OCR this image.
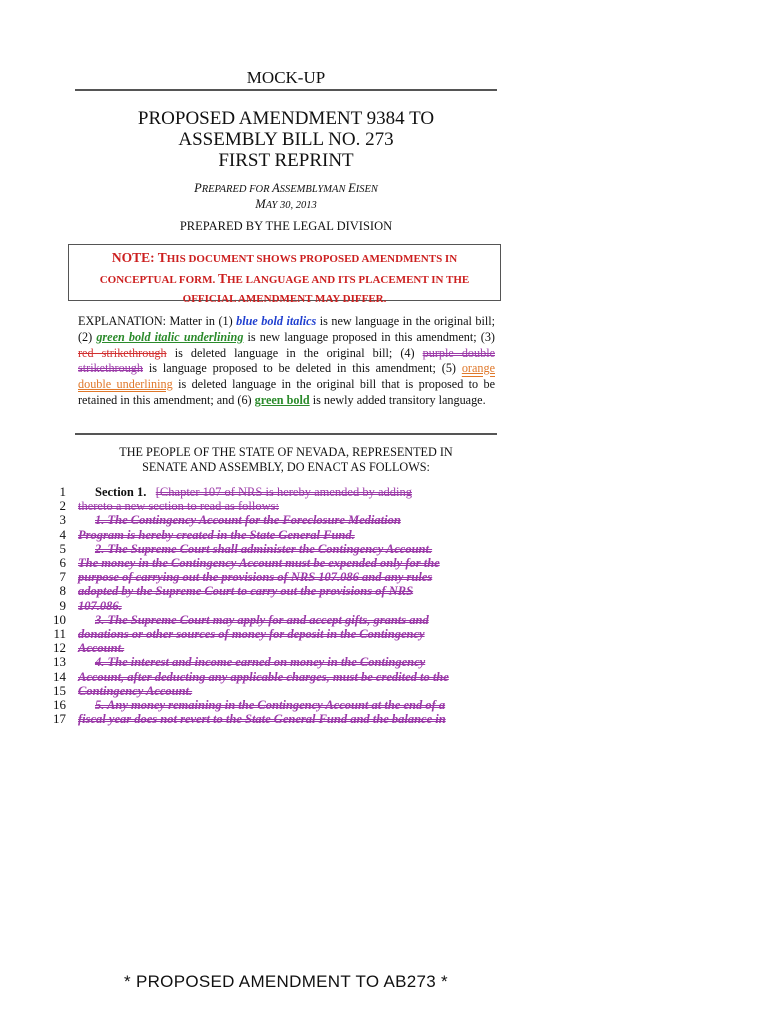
MOCK-UP
PROPOSED AMENDMENT 9384 TO
ASSEMBLY BILL NO. 273
FIRST REPRINT
PREPARED FOR ASSEMBLYMAN EISEN
MAY 30, 2013
PREPARED BY THE LEGAL DIVISION
NOTE: THIS DOCUMENT SHOWS PROPOSED AMENDMENTS IN
CONCEPTUAL FORM. THE LANGUAGE AND ITS PLACEMENT IN THE
OFFICIAL AMENDMENT MAY DIFFER.
EXPLANATION: Matter in (1) blue bold italics is new language in the original bill; (2) green bold italic underlining is new language proposed in this amendment; (3) red strikethrough is deleted language in the original bill; (4) purple double strikethrough is language proposed to be deleted in this amendment; (5) orange double underlining is deleted language in the original bill that is proposed to be retained in this amendment; and (6) green bold is newly added transitory language.
THE PEOPLE OF THE STATE OF NEVADA, REPRESENTED IN
SENATE AND ASSEMBLY, DO ENACT AS FOLLOWS:
1
2
3
4
5
6
7
8
9
10
11
12
13
14
15
16
17
Section 1. [Chapter 107 of NRS is hereby amended by adding
thereto a new section to read as follows:
1. The Contingency Account for the Foreclosure Mediation
Program is hereby created in the State General Fund.
2. The Supreme Court shall administer the Contingency Account.
The money in the Contingency Account must be expended only for the
purpose of carrying out the provisions of NRS 107.086 and any rules
adopted by the Supreme Court to carry out the provisions of NRS
107.086.
3. The Supreme Court may apply for and accept gifts, grants and
donations or other sources of money for deposit in the Contingency
Account.
4. The interest and income earned on money in the Contingency
Account, after deducting any applicable charges, must be credited to the
Contingency Account.
5. Any money remaining in the Contingency Account at the end of a
fiscal year does not revert to the State General Fund and the balance in
* PROPOSED AMENDMENT TO AB273 *
